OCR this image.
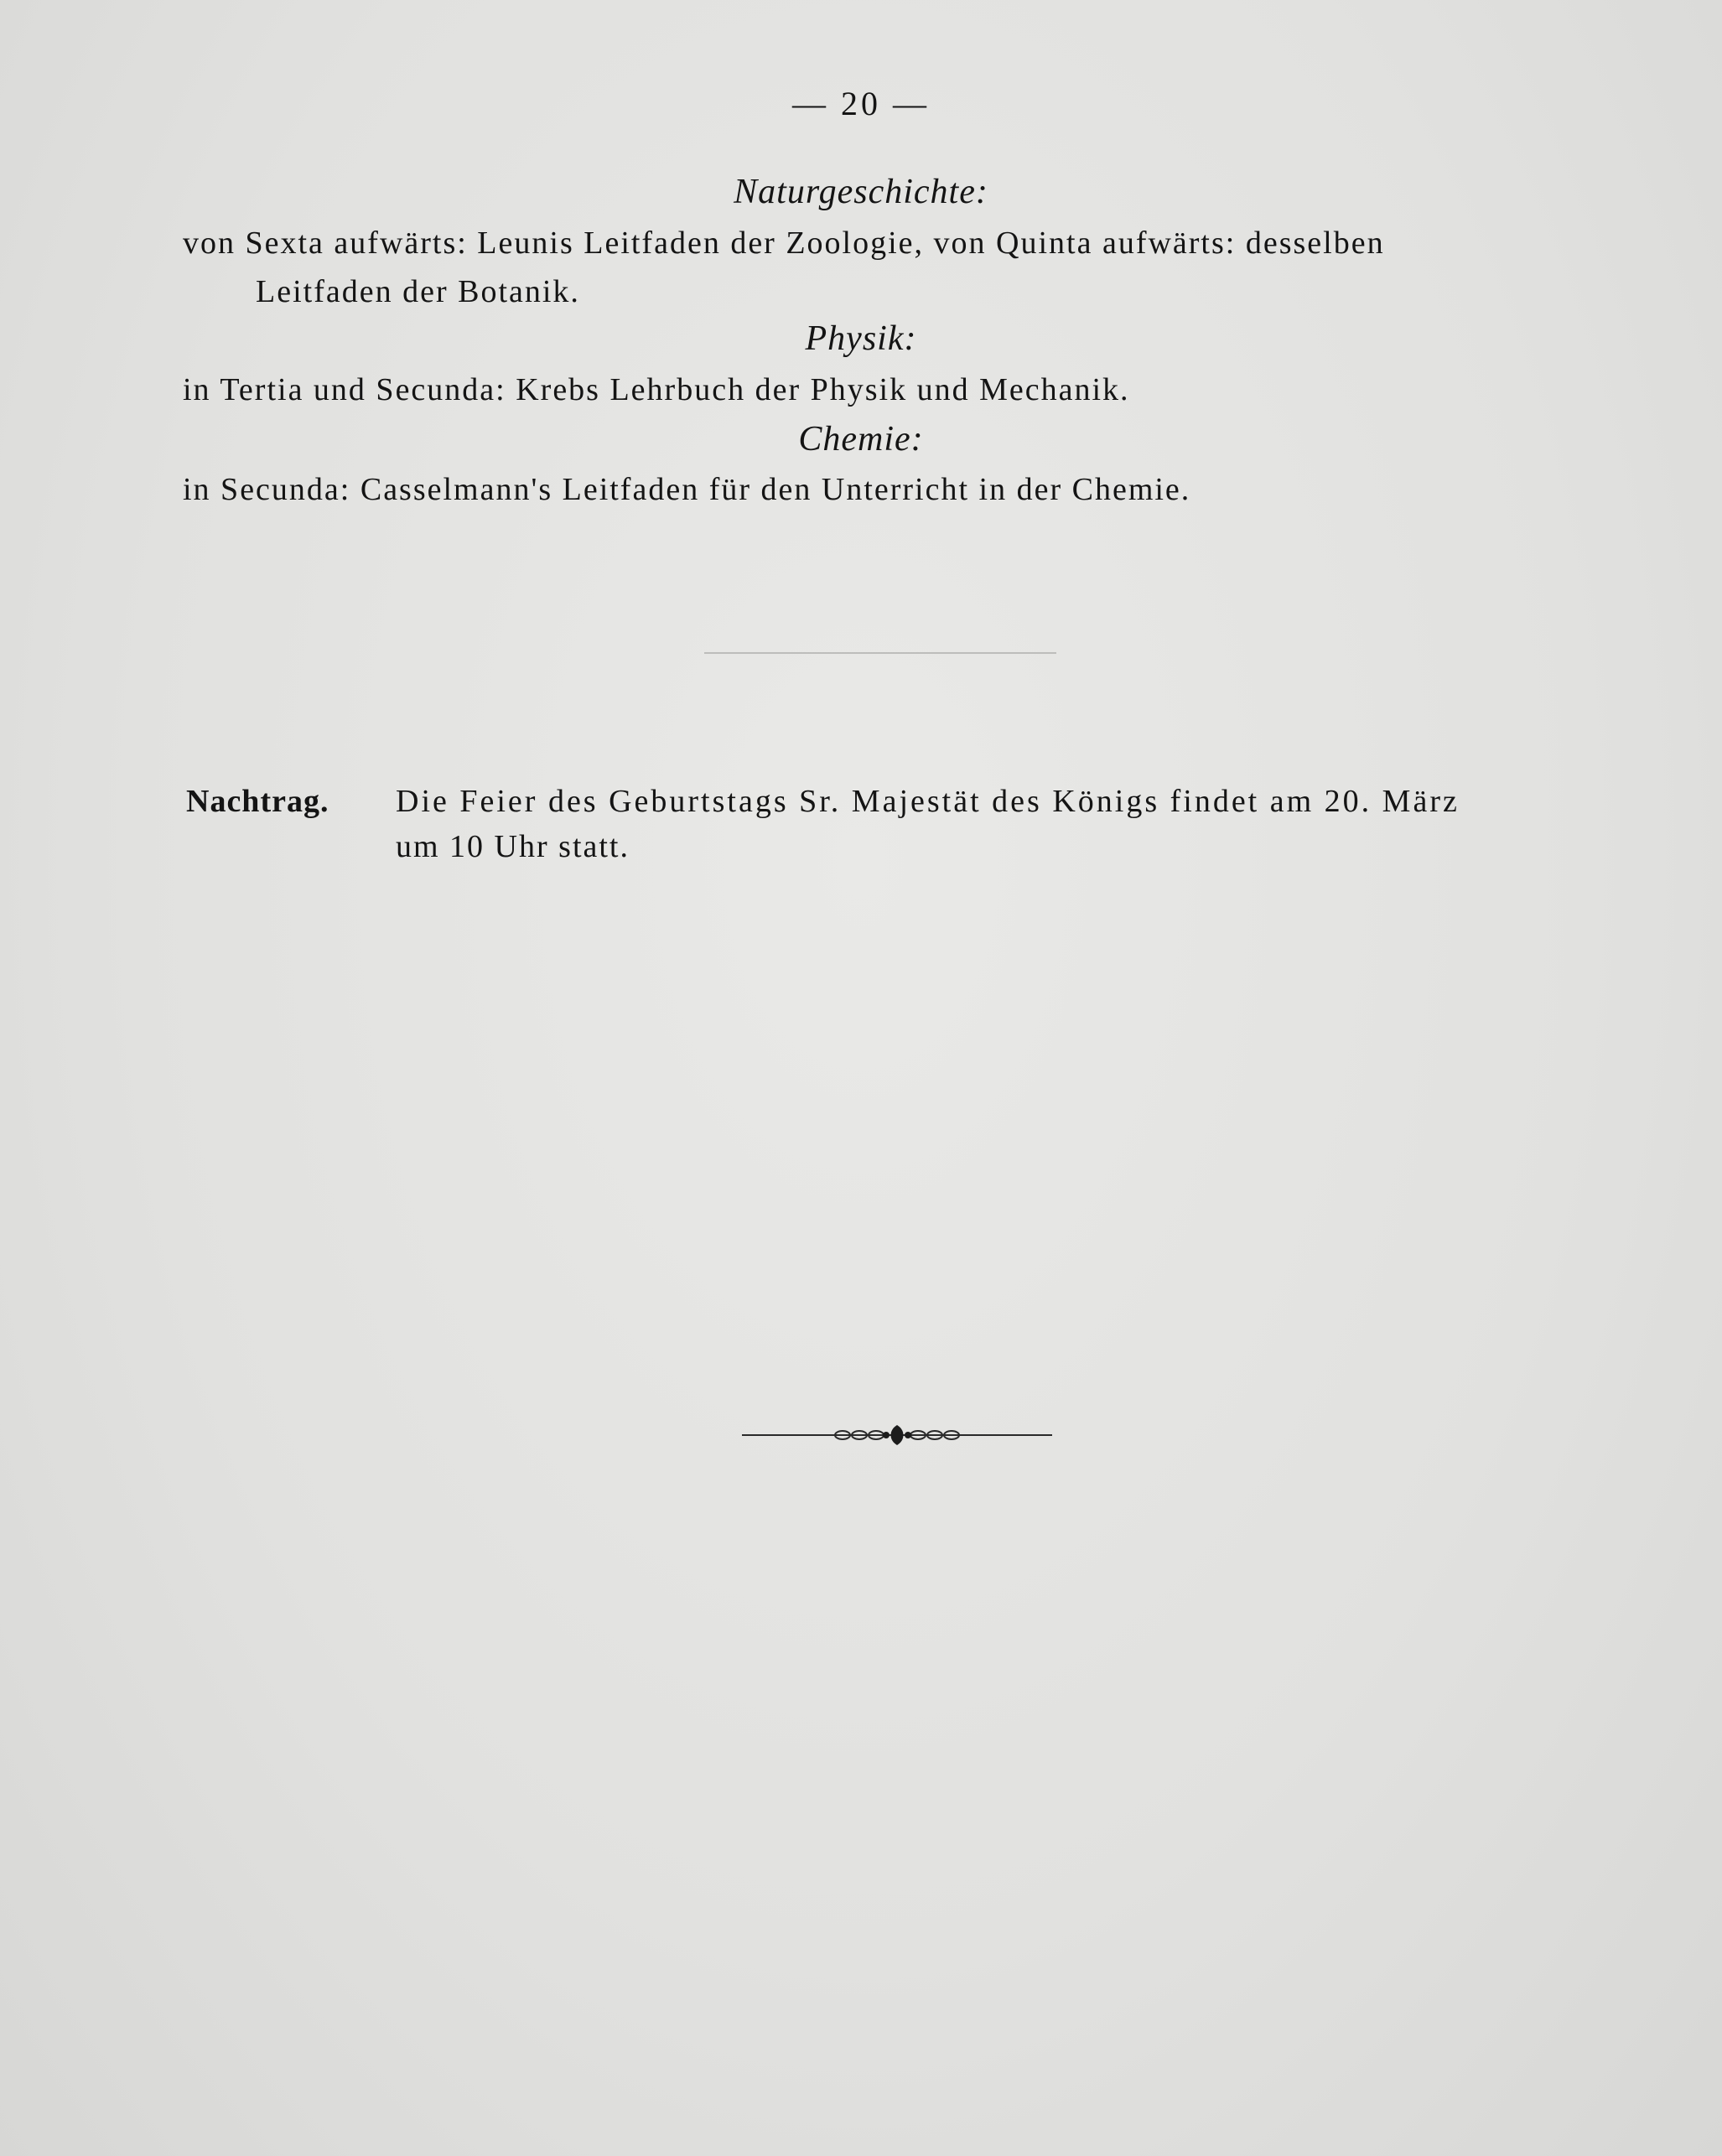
— 20 —
Naturgeschichte:
von Sexta aufwärts: Leunis Leitfaden der Zoologie, von Quinta aufwärts: desselben
Leitfaden der Botanik.
Physik:
in Tertia und Secunda: Krebs Lehrbuch der Physik und Mechanik.
Chemie:
in Secunda: Casselmann's Leitfaden für den Unterricht in der Chemie.
Nachtrag. Die Feier des Geburtstags Sr. Majestät des Königs findet am 20. März
um 10 Uhr statt.
